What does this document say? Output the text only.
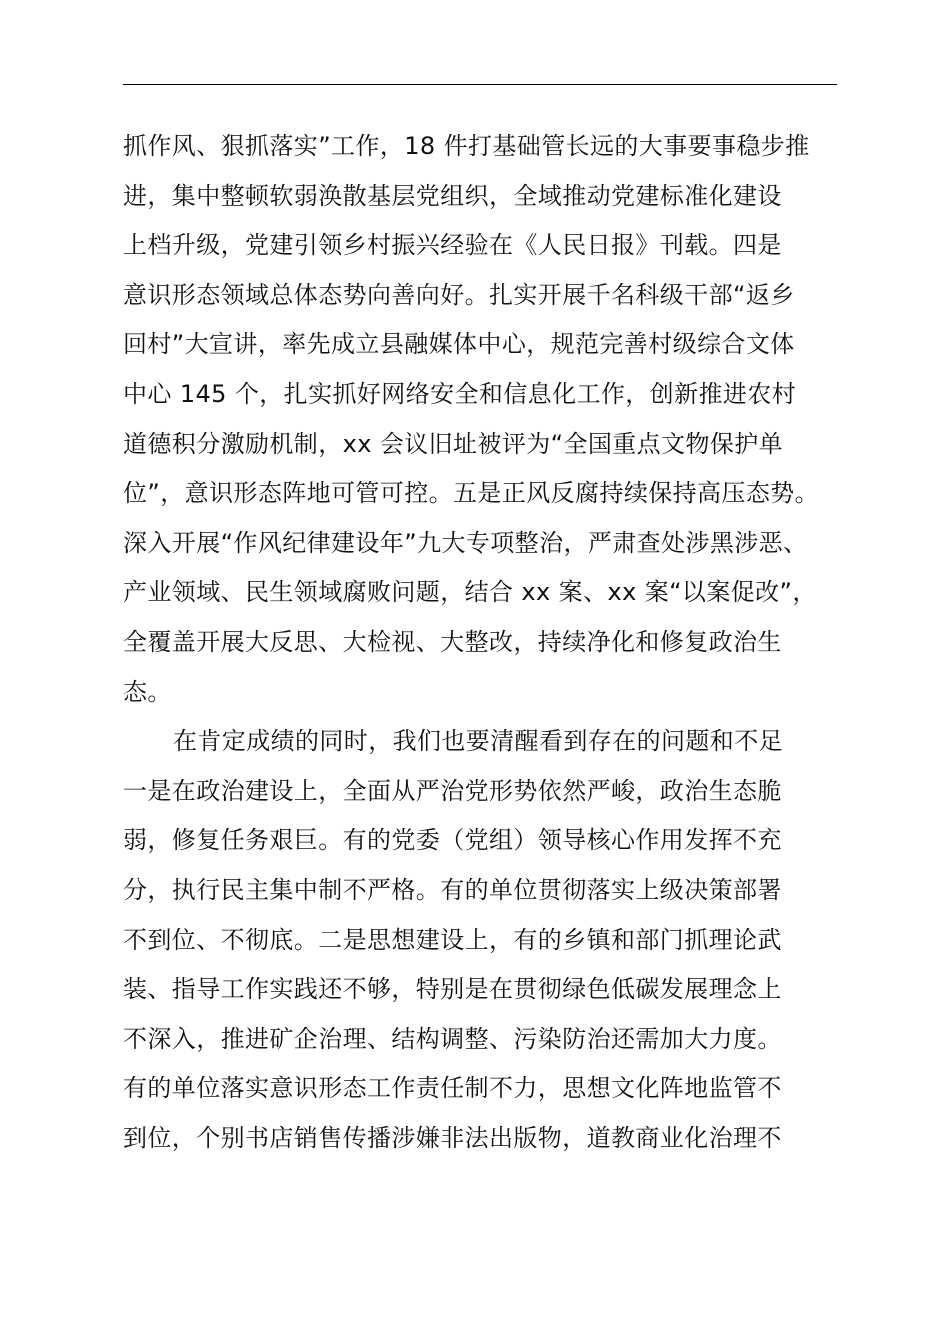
抓作风、狠抓落实”工作，18 件打基础管长远的大事要事稳步推
进，集中整顿软弱涣散基层党组织，全域推动党建标准化建设
上档升级，党建引领乡村振兴经验在《人民日报》刊载。四是
意识形态领域总体态势向善向好。扎实开展千名科级干部“返乡
回村”大宣讲，率先成立县融媒体中心，规范完善村级综合文体
中心 145 个，扎实抓好网络安全和信息化工作，创新推进农村
道德积分激励机制，xx 会议旧址被评为“全国重点文物保护单
位”，意识形态阵地可管可控。五是正风反腐持续保持高压态势。
深入开展“作风纪律建设年”九大专项整治，严肃查处涉黑涉恶、
产业领域、民生领域腐败问题，结合 xx 案、xx 案“以案促改”，
全覆盖开展大反思、大检视、大整改，持续净化和修复政治生
态。
在肯定成绩的同时，我们也要清醒看到存在的问题和不足
一是在政治建设上，全面从严治党形势依然严峻，政治生态脆
弱，修复任务艰巨。有的党委（党组）领导核心作用发挥不充
分，执行民主集中制不严格。有的单位贯彻落实上级决策部署
不到位、不彻底。二是思想建设上，有的乡镇和部门抓理论武
装、指导工作实践还不够，特别是在贯彻绿色低碳发展理念上
不深入，推进矿企治理、结构调整、污染防治还需加大力度。
有的单位落实意识形态工作责任制不力，思想文化阵地监管不
到位，个别书店销售传播涉嫌非法出版物，道教商业化治理不
